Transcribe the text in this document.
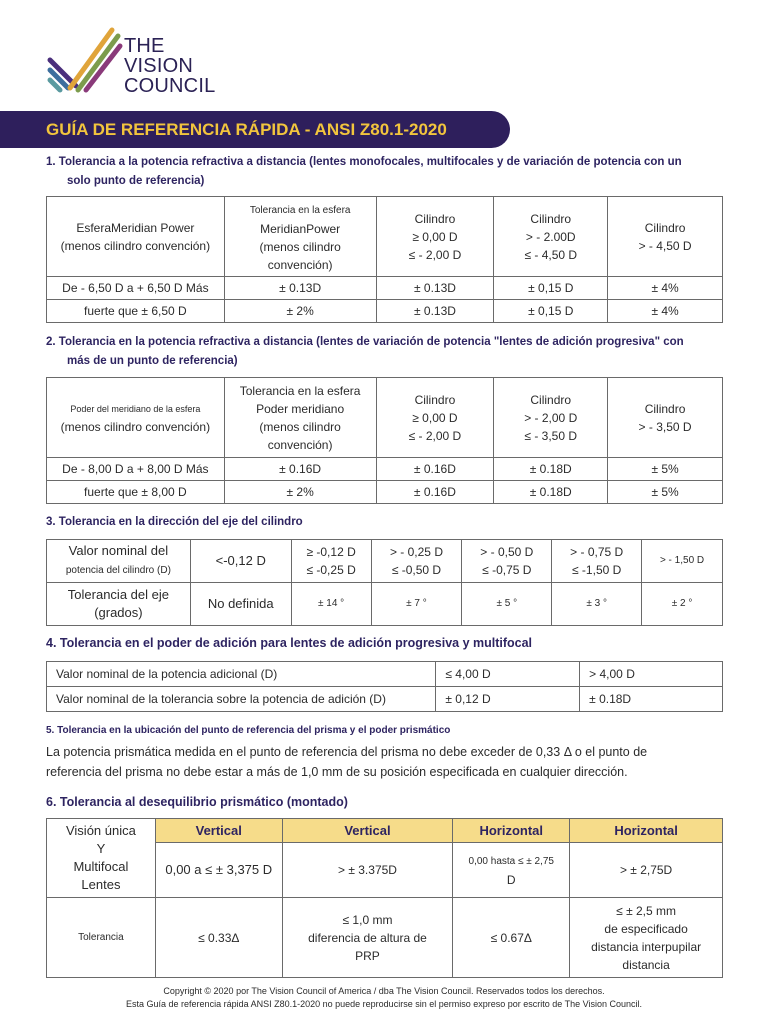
THE
VISION
COUNCIL
GUÍA DE REFERENCIA RÁPIDA - ANSI Z80.1-2020
1. Tolerancia a la potencia refractiva a distancia (lentes monofocales, multifocales y de variación de potencia con un
solo punto de referencia)
EsferaMeridian Power
(menos cilindro convención)	Tolerancia en la esfera
MeridianPower
(menos cilindro convención)	Cilindro
≥ 0,00 D
≤ - 2,00 D	Cilindro
> - 2.00D
≤ - 4,50 D	Cilindro
> - 4,50 D
De - 6,50 D a + 6,50 D Más	± 0.13D	± 0.13D	± 0,15 D	± 4%
fuerte que ± 6,50 D	± 2%	± 0.13D	± 0,15 D	± 4%
2. Tolerancia en la potencia refractiva a distancia (lentes de variación de potencia "lentes de adición progresiva" con
más de un punto de referencia)
Poder del meridiano de la esfera
(menos cilindro convención)	Tolerancia en la esfera
Poder meridiano
(menos cilindro convención)	Cilindro
≥ 0,00 D
≤ - 2,00 D	Cilindro
> - 2,00 D
≤ - 3,50 D	Cilindro
> - 3,50 D
De - 8,00 D a + 8,00 D Más	± 0.16D	± 0.16D	± 0.18D	± 5%
fuerte que ± 8,00 D	± 2%	± 0.16D	± 0.18D	± 5%
3. Tolerancia en la dirección del eje del cilindro
Valor nominal del
potencia del cilindro (D)	<-0,12 D	≥ -0,12 D
≤ -0,25 D	> - 0,25 D
≤ -0,50 D	> - 0,50 D
≤ -0,75 D	> - 0,75 D
≤ -1,50 D	> - 1,50 D
Tolerancia del eje
(grados)	No definida	± 14 °	± 7 °	± 5 °	± 3 °	± 2 °
4. Tolerancia en el poder de adición para lentes de adición progresiva y multifocal
Valor nominal de la potencia adicional (D)	≤ 4,00 D	> 4,00 D
Valor nominal de la tolerancia sobre la potencia de adición (D)	± 0,12 D	± 0.18D
5. Tolerancia en la ubicación del punto de referencia del prisma y el poder prismático
La potencia prismática medida en el punto de referencia del prisma no debe exceder de 0,33 Δ o el punto de referencia del prisma no debe estar a más de 1,0 mm de su posición especificada en cualquier dirección.
6. Tolerancia al desequilibrio prismático (montado)
Visión única
Y
Multifocal
Lentes	Vertical	Vertical	Horizontal	Horizontal
	0,00 a ≤ ± 3,375 D	> ± 3.375D	0,00 hasta ≤ ± 2,75
D	> ± 2,75D
Tolerancia	≤ 0.33Δ	≤ 1,0 mm
diferencia de altura de
PRP	≤ 0.67Δ	≤ ± 2,5 mm
de especificado
distancia interpupilar
distancia
Copyright © 2020 por The Vision Council of America / dba The Vision Council. Reservados todos los derechos.
Esta Guía de referencia rápida ANSI Z80.1-2020 no puede reproducirse sin el permiso expreso por escrito de The Vision Council.
